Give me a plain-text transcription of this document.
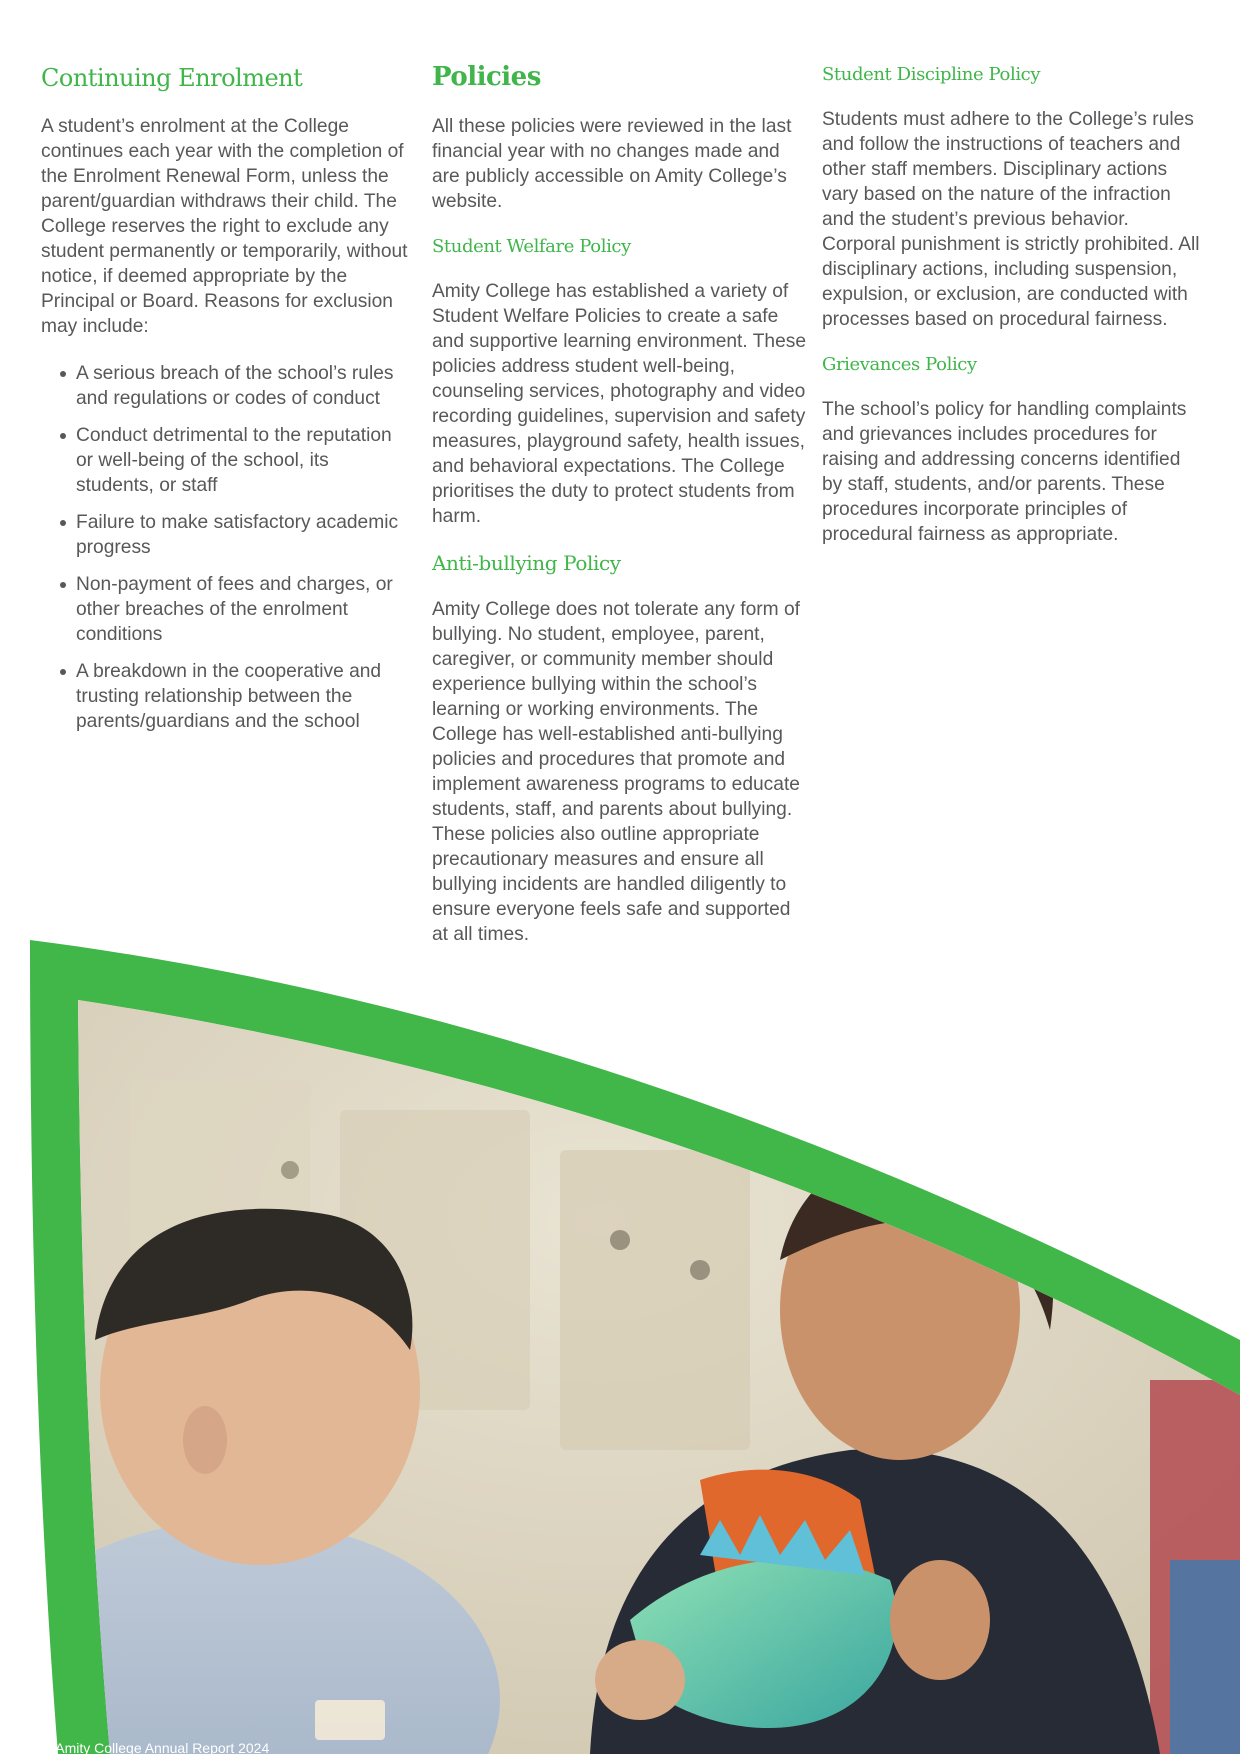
Continuing Enrolment

A student’s enrolment at the College continues each year with the completion of the Enrolment Renewal Form, unless the parent/guardian withdraws their child. The College reserves the right to exclude any student permanently or temporarily, without notice, if deemed appropriate by the Principal or Board. Reasons for exclusion may include:

A serious breach of the school’s rules and regulations or codes of conduct
Conduct detrimental to the reputation or well-being of the school, its students, or staff
Failure to make satisfactory academic progress
Non-payment of fees and charges, or other breaches of the enrolment conditions
A breakdown in the cooperative and trusting relationship between the parents/guardians and the school
Policies

All these policies were reviewed in the last financial year with no changes made and are publicly accessible on Amity College’s website.

Student Welfare Policy

Amity College has established a variety of Student Welfare Policies to create a safe and supportive learning environment. These policies address student well-being, counseling services, photography and video recording guidelines, supervision and safety measures, playground safety, health issues, and behavioral expectations. The College prioritises the duty to protect students from harm.

Anti-bullying Policy

Amity College does not tolerate any form of bullying. No student, employee, parent, caregiver, or community member should experience bullying within the school’s learning or working environments. The College has well-established anti-bullying policies and procedures that promote and implement awareness programs to educate students, staff, and parents about bullying. These policies also outline appropriate precautionary measures and ensure all bullying incidents are handled diligently to ensure everyone feels safe and supported at all times.

Student Discipline Policy

Students must adhere to the College’s rules and follow the instructions of teachers and other staff members. Disciplinary actions vary based on the nature of the infraction and the student’s previous behavior. Corporal punishment is strictly prohibited. All disciplinary actions, including suspension, expulsion, or exclusion, are conducted with processes based on procedural fairness.

Grievances Policy

The school’s policy for handling complaints and grievances includes procedures for raising and addressing concerns identified by staff, students, and/or parents. These procedures incorporate principles of procedural fairness as appropriate.

38 | Amity College Annual Report 2024
